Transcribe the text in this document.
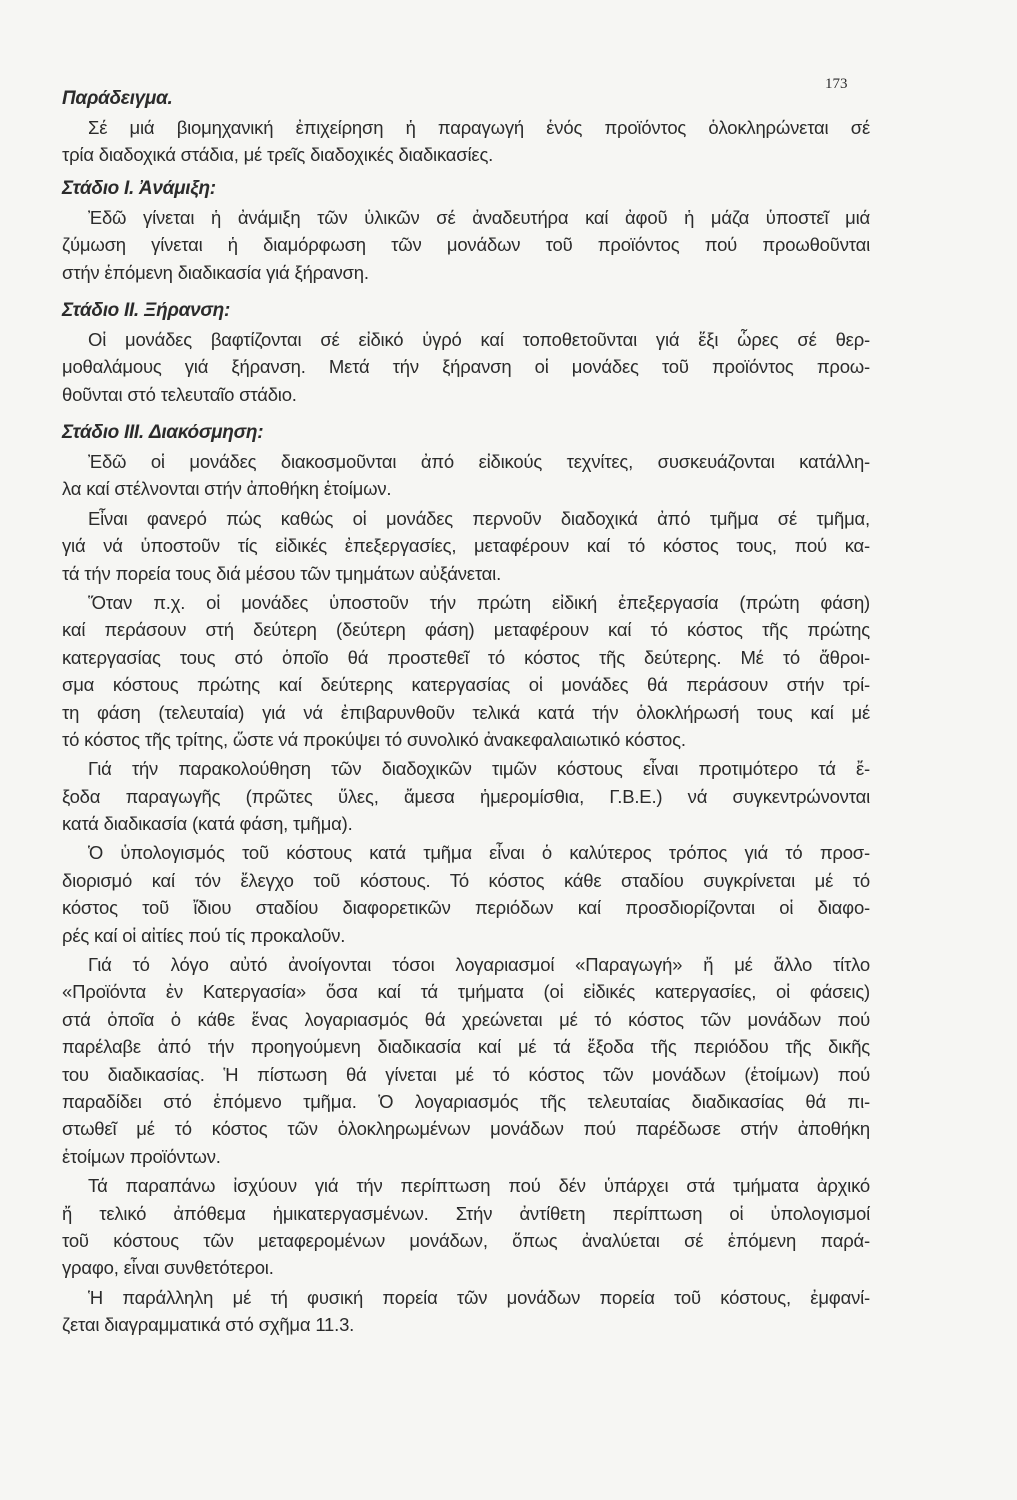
173
Παράδειγμα.
Σέ μιά βιομηχανική ἐπιχείρηση ἡ παραγωγή ἑνός προϊόντος ὁλοκληρώνεται σέ
τρία διαδοχικά στάδια, μέ τρεῖς διαδοχικές διαδικασίες.
Στάδιο I. Ἀνάμιξη:
Ἐδῶ γίνεται ἡ ἀνάμιξη τῶν ὑλικῶν σέ ἀναδευτήρα καί ἀφοῦ ἡ μάζα ὑποστεῖ μιά
ζύμωση γίνεται ἡ διαμόρφωση τῶν μονάδων τοῦ προϊόντος πού προωθοῦνται
στήν ἑπόμενη διαδικασία γιά ξήρανση.
Στάδιο II. Ξήρανση:
Οἱ μονάδες βαφτίζονται σέ εἰδικό ὑγρό καί τοποθετοῦνται γιά ἕξι ὧρες σέ θερ-
μοθαλάμους γιά ξήρανση. Μετά τήν ξήρανση οἱ μονάδες τοῦ προϊόντος προω-
θοῦνται στό τελευταῖο στάδιο.
Στάδιο III. Διακόσμηση:
Ἐδῶ οἱ μονάδες διακοσμοῦνται ἀπό εἰδικούς τεχνίτες, συσκευάζονται κατάλλη-
λα καί στέλνονται στήν ἀποθήκη ἑτοίμων.
Εἶναι φανερό πώς καθώς οἱ μονάδες περνοῦν διαδοχικά ἀπό τμῆμα σέ τμῆμα,
γιά νά ὑποστοῦν τίς εἰδικές ἐπεξεργασίες, μεταφέρουν καί τό κόστος τους, πού κα-
τά τήν πορεία τους διά μέσου τῶν τμημάτων αὐξάνεται.
Ὅταν π.χ. οἱ μονάδες ὑποστοῦν τήν πρώτη εἰδική ἐπεξεργασία (πρώτη φάση)
καί περάσουν στή δεύτερη (δεύτερη φάση) μεταφέρουν καί τό κόστος τῆς πρώτης
κατεργασίας τους στό ὁποῖο θά προστεθεῖ τό κόστος τῆς δεύτερης. Μέ τό ἄθροι-
σμα κόστους πρώτης καί δεύτερης κατεργασίας οἱ μονάδες θά περάσουν στήν τρί-
τη φάση (τελευταία) γιά νά ἐπιβαρυνθοῦν τελικά κατά τήν ὁλοκλήρωσή τους καί μέ
τό κόστος τῆς τρίτης, ὥστε νά προκύψει τό συνολικό ἀνακεφαλαιωτικό κόστος.
Γιά τήν παρακολούθηση τῶν διαδοχικῶν τιμῶν κόστους εἶναι προτιμότερο τά ἔ-
ξοδα παραγωγῆς (πρῶτες ὕλες, ἄμεσα ἡμερομίσθια, Γ.Β.Ε.) νά συγκεντρώνονται
κατά διαδικασία (κατά φάση, τμῆμα).
Ὁ ὑπολογισμός τοῦ κόστους κατά τμῆμα εἶναι ὁ καλύτερος τρόπος γιά τό προσ-
διορισμό καί τόν ἔλεγχο τοῦ κόστους. Τό κόστος κάθε σταδίου συγκρίνεται μέ τό
κόστος τοῦ ἴδιου σταδίου διαφορετικῶν περιόδων καί προσδιορίζονται οἱ διαφο-
ρές καί οἱ αἰτίες πού τίς προκαλοῦν.
Γιά τό λόγο αὐτό ἀνοίγονται τόσοι λογαριασμοί «Παραγωγή» ἤ μέ ἄλλο τίτλο
«Προϊόντα ἐν Κατεργασία» ὅσα καί τά τμήματα (οἱ εἰδικές κατεργασίες, οἱ φάσεις)
στά ὁποῖα ὁ κάθε ἕνας λογαριασμός θά χρεώνεται μέ τό κόστος τῶν μονάδων πού
παρέλαβε ἀπό τήν προηγούμενη διαδικασία καί μέ τά ἔξοδα τῆς περιόδου τῆς δικῆς
του διαδικασίας. Ἡ πίστωση θά γίνεται μέ τό κόστος τῶν μονάδων (ἑτοίμων) πού
παραδίδει στό ἑπόμενο τμῆμα. Ὁ λογαριασμός τῆς τελευταίας διαδικασίας θά πι-
στωθεῖ μέ τό κόστος τῶν ὁλοκληρωμένων μονάδων πού παρέδωσε στήν ἀποθήκη
ἑτοίμων προϊόντων.
Τά παραπάνω ἰσχύουν γιά τήν περίπτωση πού δέν ὑπάρχει στά τμήματα ἀρχικό
ἤ τελικό ἀπόθεμα ἡμικατεργασμένων. Στήν ἀντίθετη περίπτωση οἱ ὑπολογισμοί
τοῦ κόστους τῶν μεταφερομένων μονάδων, ὅπως ἀναλύεται σέ ἑπόμενη παρά-
γραφο, εἶναι συνθετότεροι.
Ἡ παράλληλη μέ τή φυσική πορεία τῶν μονάδων πορεία τοῦ κόστους, ἐμφανί-
ζεται διαγραμματικά στό σχῆμα 11.3.
